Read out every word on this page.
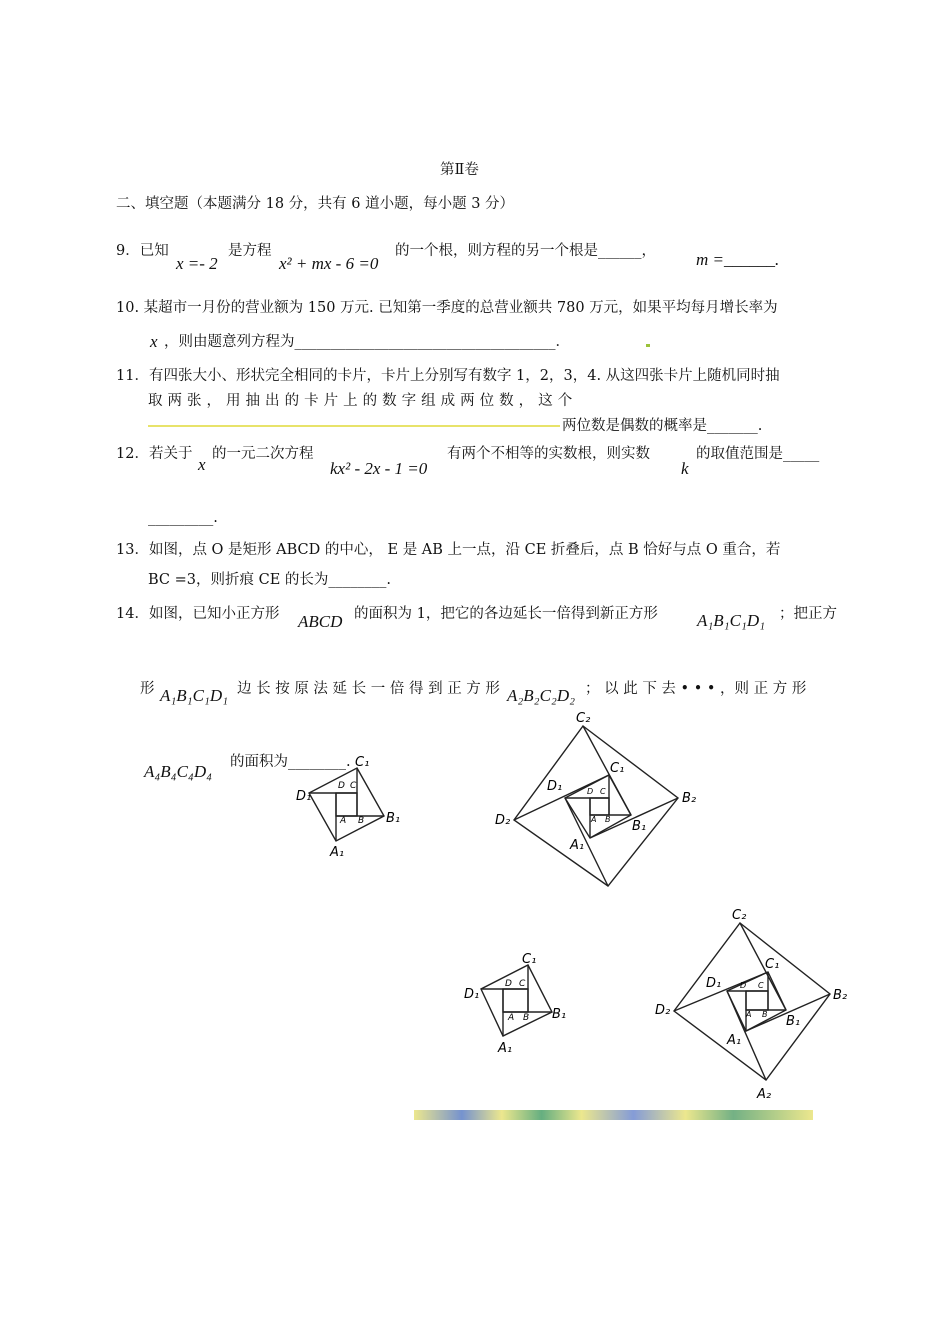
第Ⅱ卷
二、填空题（本题满分 18 分，共有 6 道小题，每小题 3 分）
9．已知
x =- 2
是方程
x² + mx - 6 =0
的一个根，则方程的另一个根是______， m =______.
10. 某超市一月份的营业额为 150 万元. 已知第一季度的总营业额共 780 万元，如果平均每月增长率为
x ，则由题意列方程为____________________________________．
11．有四张大小、形状完全相同的卡片，卡片上分别写有数字 1，2，3，4. 从这四张卡片上随机同时抽
取 两 张 ， 用 抽 出 的 卡 片 上 的 数 字 组 成 两 位 数 ， 这 个
两位数是偶数的概率是_______.
12．若关于
x
的一元二次方程
kx² - 2x - 1 =0
有两个不相等的实数根，则实数
k
的取值范围是_____
_________.
13．如图，点 O 是矩形 ABCD 的中心， E 是 AB 上一点，沿 CE 折叠后，点 B 恰好与点 O 重合，若
BC =3，则折痕 CE 的长为________.
14．如图，已知小正方形 ABCD 的面积为 1，把它的各边延长一倍得到新正方形 A₁B₁C₁D₁ ；把正方
形 A₁B₁C₁D₁ 边 长 按 原 法 延 长 一 倍 得 到 正 方 形 A₂B₂C₂D₂ ； 以 此 下 去 • • • ，则 正 方 形
A₄B₄C₄D₄ 的面积为________.
D C
A B
C₁
B₁
A₁
D₁	D C
A B
C₂
B₂
D₂
C₁
B₁
A₁
D₁
D C
A B
C₁
B₁
A₁
D₁
D C
A B
C₂
B₂
D₂
A₂
C₁
B₁
A₁
D₁
